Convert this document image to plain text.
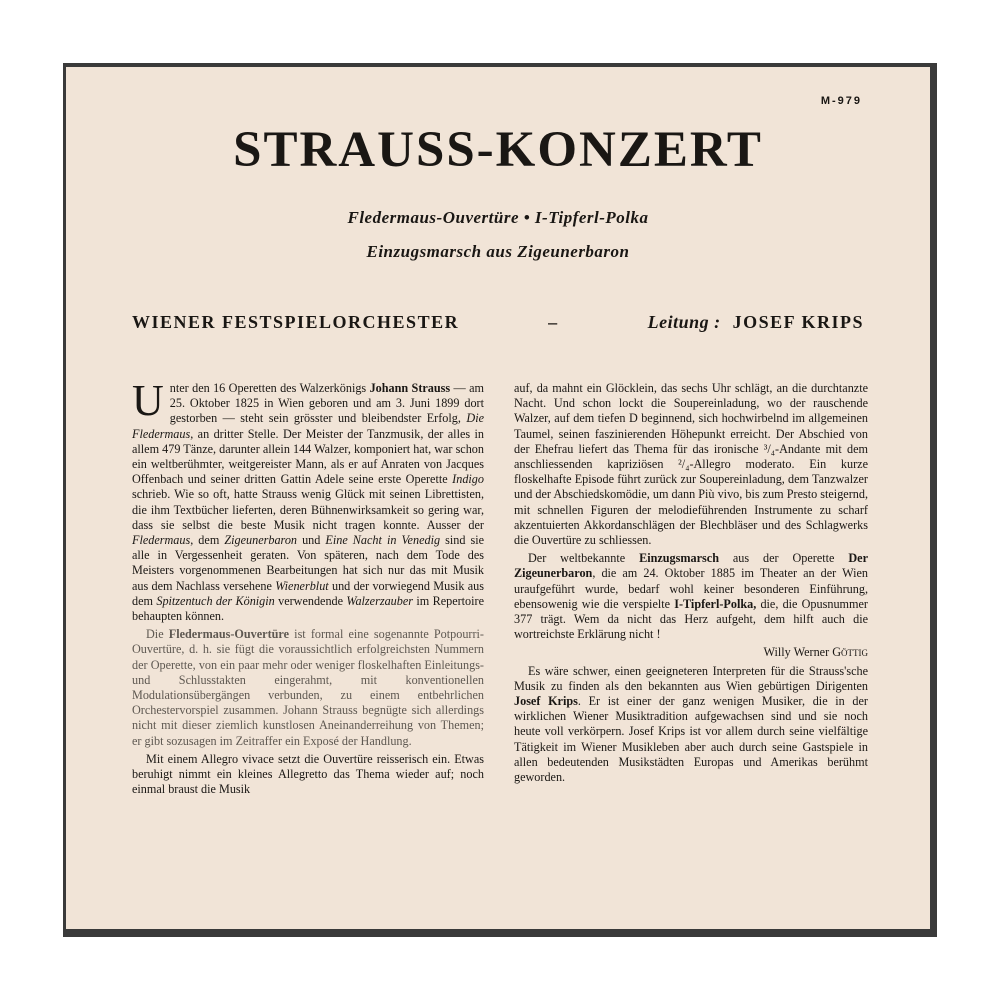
M-979
STRAUSS-KONZERT
Fledermaus-Ouvertüre • I-Tipferl-Polka
Einzugsmarsch aus Zigeunerbaron
WIENER FESTSPIELORCHESTER	–	Leitung : JOSEF KRIPS

Unter den 16 Operetten des Walzerkönigs Johann Strauss — am 25. Oktober 1825 in Wien geboren und am 3. Juni 1899 dort gestorben — steht sein grösster und bleibendster Erfolg, Die Fledermaus, an dritter Stelle. Der Meister der Tanzmusik, der alles in allem 479 Tänze, darunter allein 144 Walzer, komponiert hat, war schon ein weltberühmter, weitgereister Mann, als er auf Anraten von Jacques Offenbach und seiner dritten Gattin Adele seine erste Operette Indigo schrieb. Wie so oft, hatte Strauss wenig Glück mit seinen Librettisten, die ihm Textbücher lieferten, deren Bühnenwirksamkeit so gering war, dass sie selbst die beste Musik nicht tragen konnte. Ausser der Fledermaus, dem Zigeunerbaron und Eine Nacht in Venedig sind sie alle in Vergessenheit geraten. Von späteren, nach dem Tode des Meisters vorgenommenen Bearbeitungen hat sich nur das mit Musik aus dem Nachlass versehene Wienerblut und der vorwiegend Musik aus dem Spitzentuch der Königin verwendende Walzerzauber im Repertoire behaupten können.

Die Fledermaus-Ouvertüre ist formal eine sogenannte Potpourri-Ouvertüre, d. h. sie fügt die voraussichtlich erfolgreichsten Nummern der Operette, von ein paar mehr oder weniger floskelhaften Einleitungs- und Schlusstakten eingerahmt, mit konventionellen Modulationsübergängen verbunden, zu einem entbehrlichen Orchestervorspiel zusammen. Johann Strauss begnügte sich allerdings nicht mit dieser ziemlich kunstlosen Aneinanderreihung von Themen; er gibt sozusagen im Zeitraffer ein Exposé der Handlung.

Mit einem Allegro vivace setzt die Ouvertüre reisserisch ein. Etwas beruhigt nimmt ein kleines Allegretto das Thema wieder auf; noch einmal braust die Musik

auf, da mahnt ein Glöcklein, das sechs Uhr schlägt, an die durchtanzte Nacht. Und schon lockt die Soupereinladung, wo der rauschende Walzer, auf dem tiefen D beginnend, sich hochwirbelnd im allgemeinen Taumel, seinen faszinierenden Höhepunkt erreicht. Der Abschied von der Ehefrau liefert das Thema für das ironische ³/₄-Andante mit dem anschliessenden kapriziösen ²/₄-Allegro moderato. Ein kurze floskelhafte Episode führt zurück zur Soupereinladung, dem Tanzwalzer und der Abschiedskomödie, um dann Più vivo, bis zum Presto steigernd, mit schnellen Figuren der melodieführenden Instrumente zu scharf akzentuierten Akkordanschlägen der Blechbläser und des Schlagwerks die Ouvertüre zu schliessen.

Der weltbekannte Einzugsmarsch aus der Operette Der Zigeunerbaron, die am 24. Oktober 1885 im Theater an der Wien uraufgeführt wurde, bedarf wohl keiner besonderen Einführung, ebensowenig wie die verspielte I-Tipferl-Polka, die, die Opusnummer 377 trägt. Wem da nicht das Herz aufgeht, dem hilft auch die wortreichste Erklärung nicht !

Willy Werner Göttig

Es wäre schwer, einen geeigneteren Interpreten für die Strauss'sche Musik zu finden als den bekannten aus Wien gebürtigen Dirigenten Josef Krips. Er ist einer der ganz wenigen Musiker, die in der wirklichen Wiener Musiktradition aufgewachsen sind und sie noch heute voll verkörpern. Josef Krips ist vor allem durch seine vielfältige Tätigkeit im Wiener Musikleben aber auch durch seine Gastspiele in allen bedeutenden Musikstädten Europas und Amerikas berühmt geworden.
